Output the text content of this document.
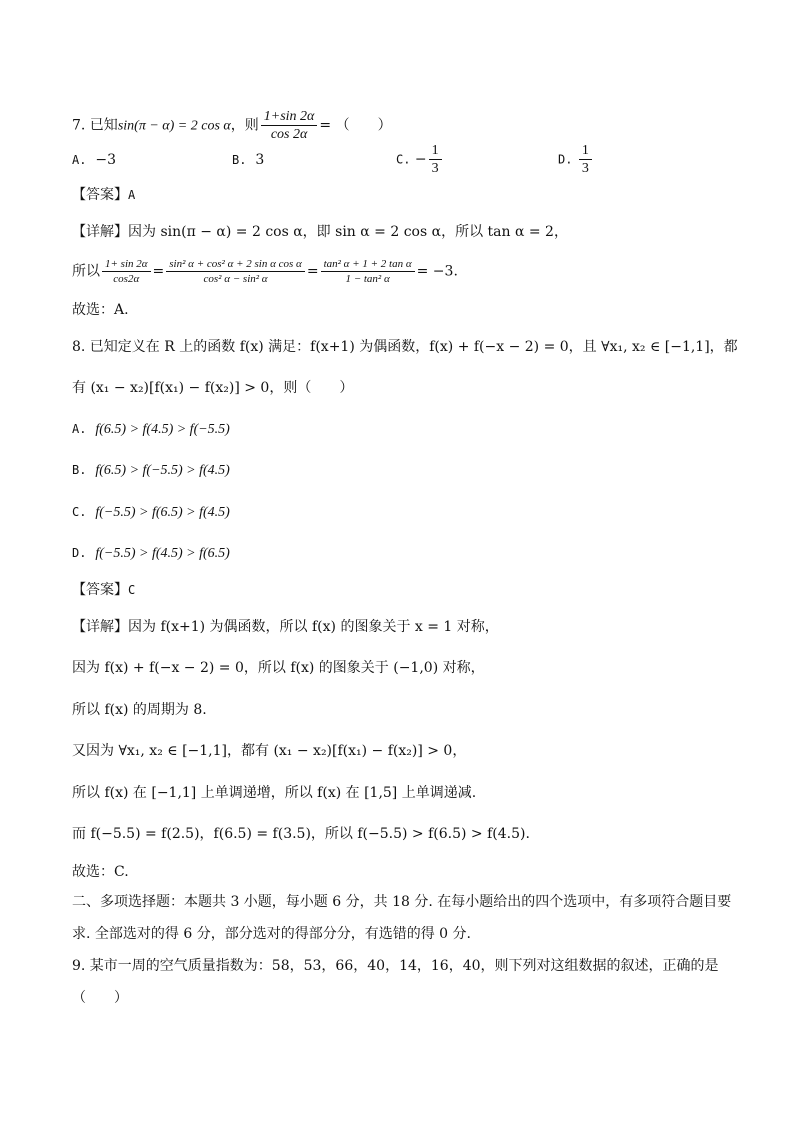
7. 已知sin(π − α) = 2 cos α，则 $\frac{1+\sin 2\alpha}{\cos 2\alpha}$ = （　　）
A. −3	B. 3	C. − $\frac{1}{3}$	D. $\frac{1}{3}$
【答案】A
【详解】因为 sin(π − α) = 2 cos α，即 sin α = 2 cos α，所以 tan α = 2，
所以 $\frac{1+ \sin 2\alpha}{\cos 2\alpha} = \frac{\text{sin² α + cos² α + 2 sin α cos α}}{\text{cos² α − sin² α}} = \frac{\text{tan² α + 1 + 2 tan α}}{\text{1 − tan² α}} = -3$.
故选：A.
8. 已知定义在 R 上的函数 f(x) 满足：f(x+1) 为偶函数，f(x) + f(−x − 2) = 0，且 ∀x₁, x₂ ∈ [−1,1]，都
有 (x₁ − x₂)[f(x₁) − f(x₂)] > 0，则（　　）
A. f(6.5) > f(4.5) > f(−5.5)
B. f(6.5) > f(−5.5) > f(4.5)
C. f(−5.5) > f(6.5) > f(4.5)
D. f(−5.5) > f(4.5) > f(6.5)
【答案】C
【详解】因为 f(x+1) 为偶函数，所以 f(x) 的图象关于 x = 1 对称，
因为 f(x) + f(−x − 2) = 0，所以 f(x) 的图象关于 (−1,0) 对称，
所以 f(x) 的周期为 8.
又因为 ∀x₁, x₂ ∈ [−1,1]，都有 (x₁ − x₂)[f(x₁) − f(x₂)] > 0，
所以 f(x) 在 [−1,1] 上单调递增，所以 f(x) 在 [1,5] 上单调递减.
而 f(−5.5) = f(2.5)，f(6.5) = f(3.5)，所以 f(−5.5) > f(6.5) > f(4.5).
故选：C.
二、多项选择题：本题共 3 小题，每小题 6 分，共 18 分. 在每小题给出的四个选项中，有多项符合题目要
求. 全部选对的得 6 分，部分选对的得部分分，有选错的得 0 分.
9. 某市一周的空气质量指数为：58，53，66，40，14，16，40，则下列对这组数据的叙述，正确的是
（　　）
